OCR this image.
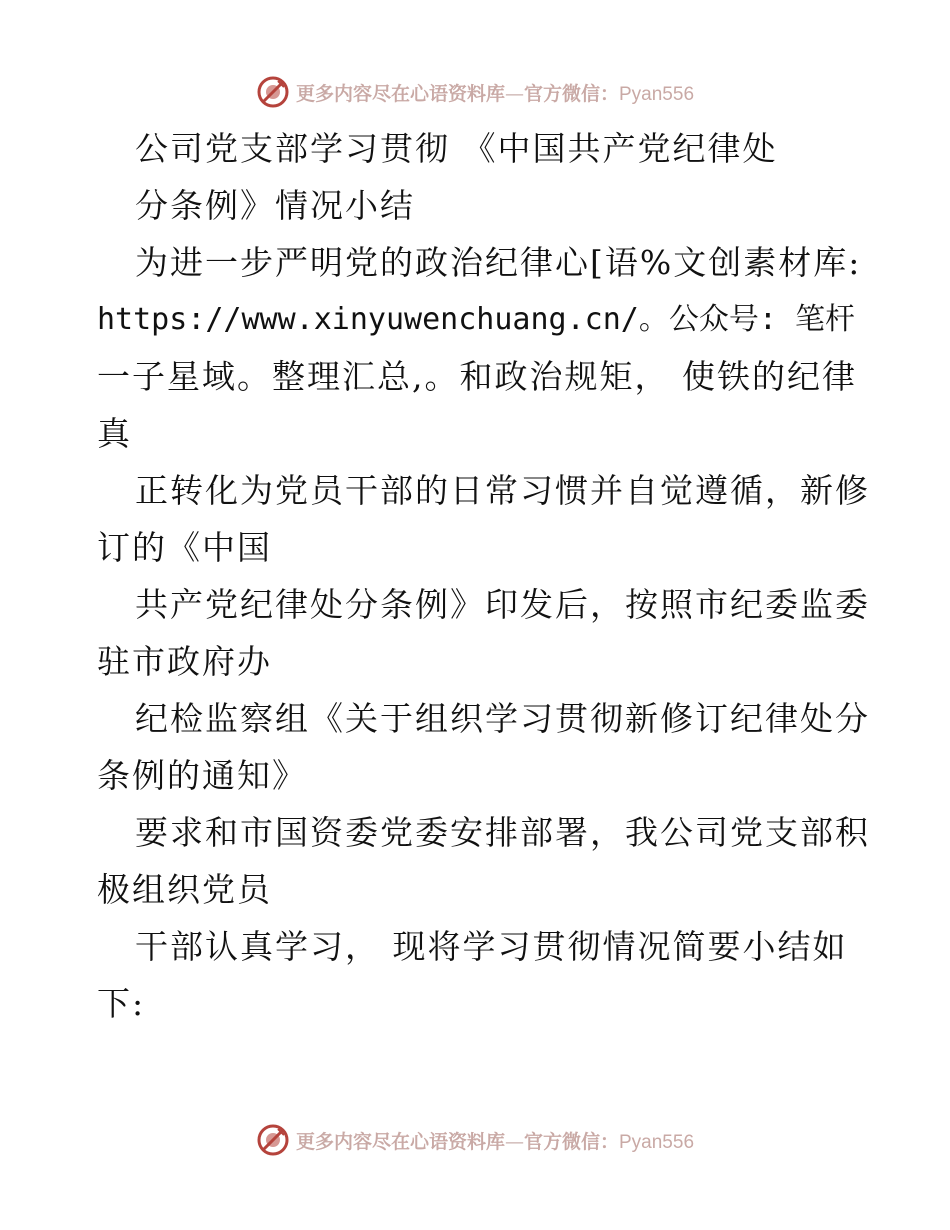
更多内容尽在心语资料库—官方微信：Pyan556
公司党支部学习贯彻 《中国共产党纪律处
分条例》情况小结
为进一步严明党的政治纪律心[语%文创素材库:
https://www.xinyuwenchuang.cn/。公众号: 笔杆
一子星域。整理汇总,。和政治规矩， 使铁的纪律
真
正转化为党员干部的日常习惯并自觉遵循，新修
订的《中国
共产党纪律处分条例》印发后，按照市纪委监委
驻市政府办
纪检监察组《关于组织学习贯彻新修订纪律处分
条例的通知》
要求和市国资委党委安排部署，我公司党支部积
极组织党员
干部认真学习， 现将学习贯彻情况简要小结如
下:
更多内容尽在心语资料库—官方微信：Pyan556
